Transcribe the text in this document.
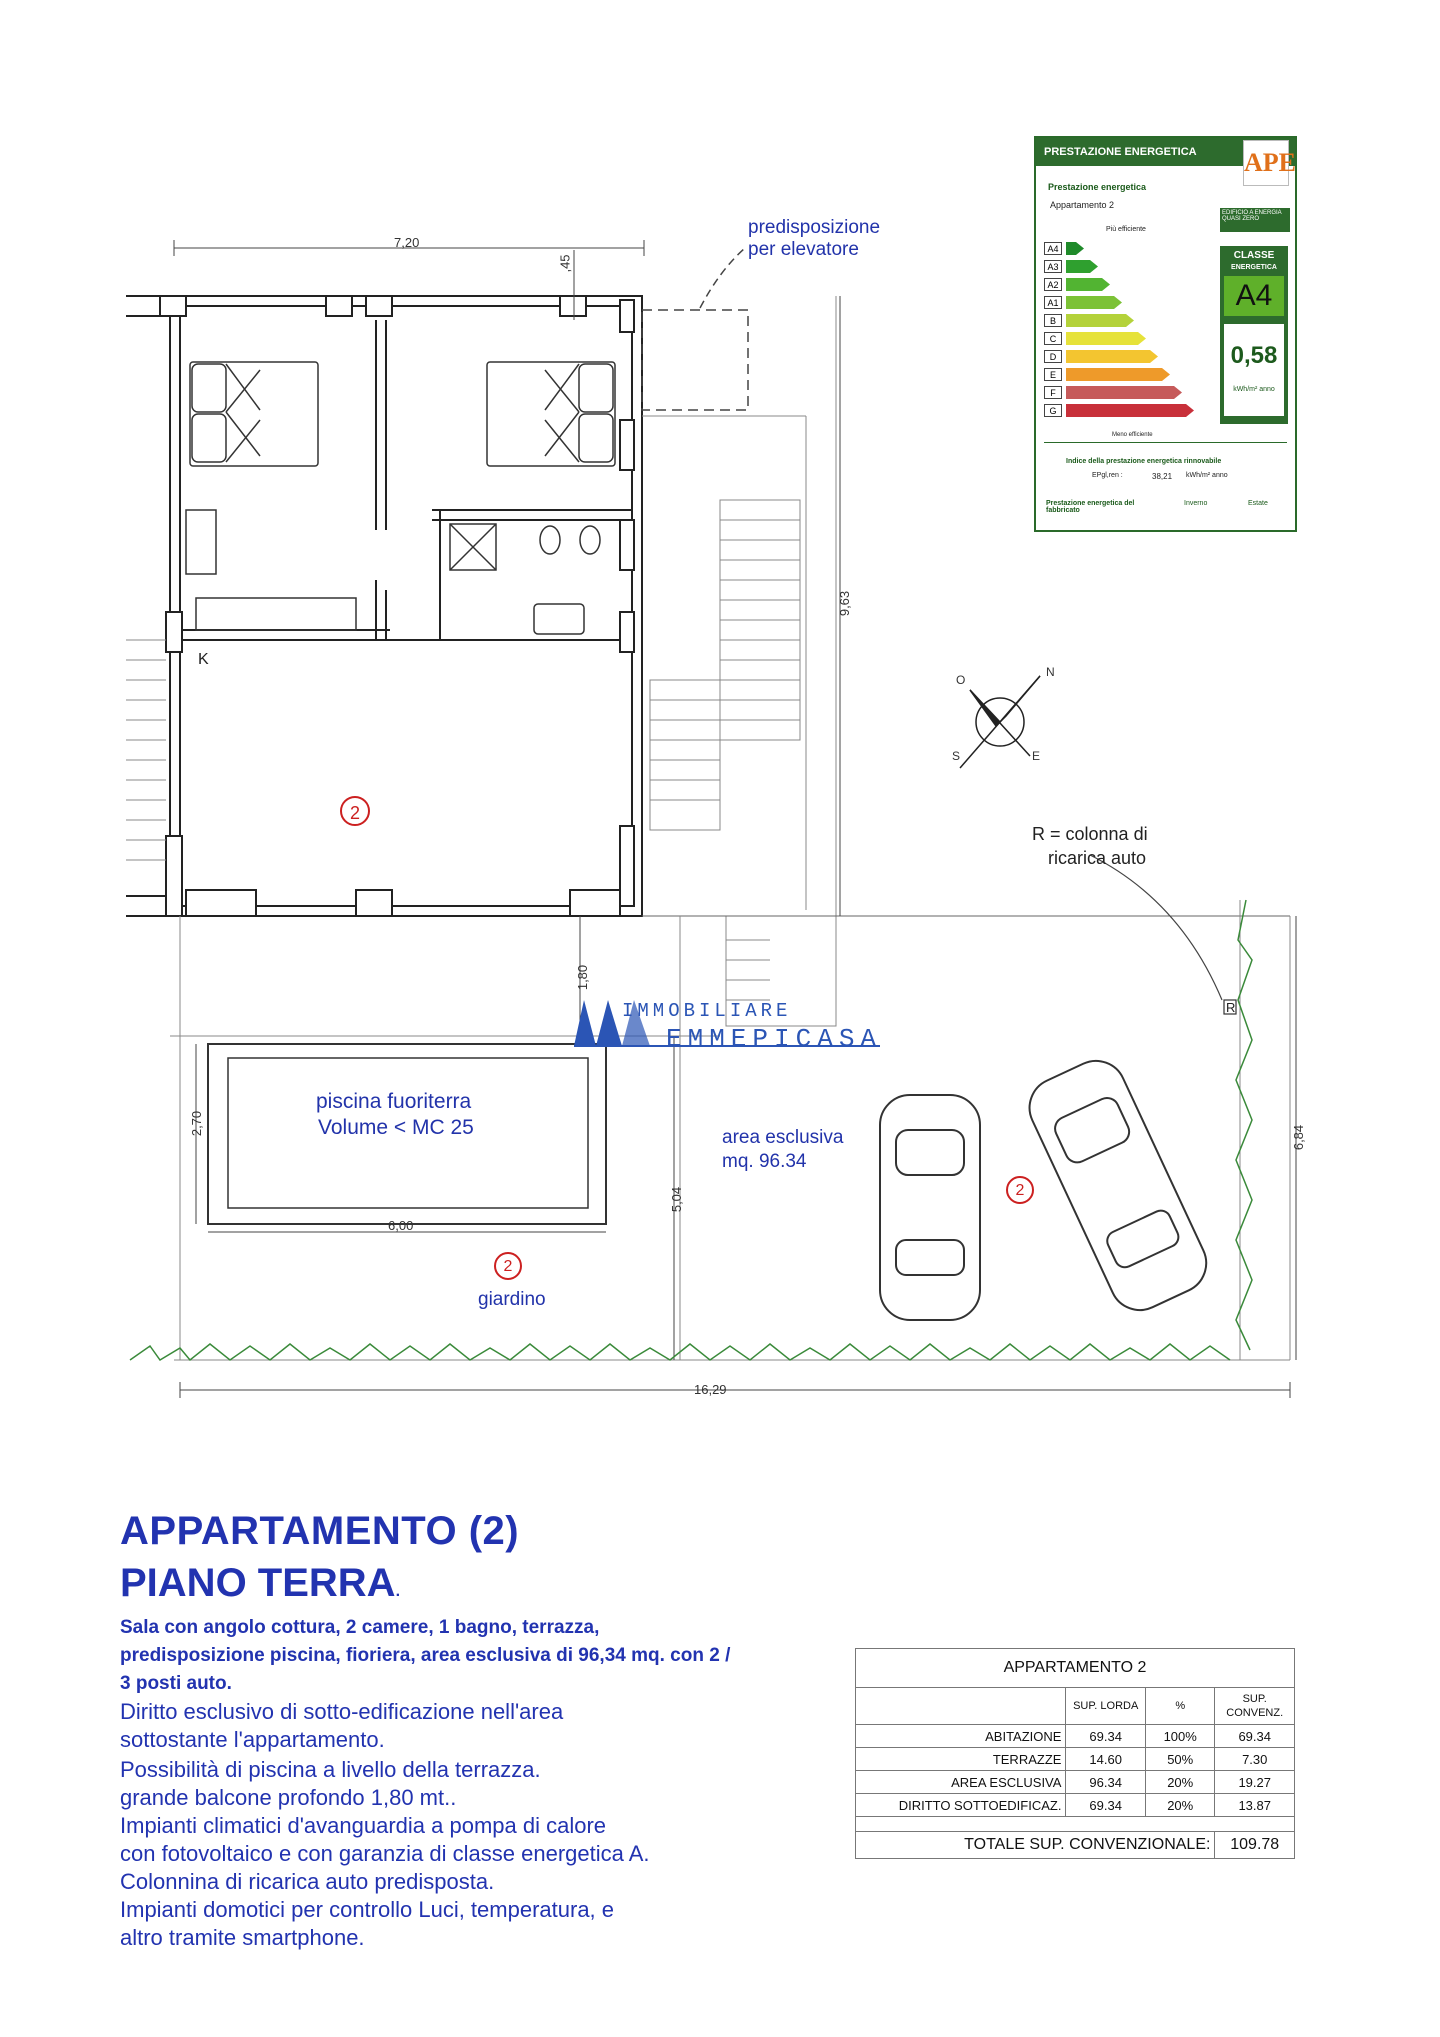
N
O
E
S
predisposizione
per elevatore
7,20
,45
9,63
1,80
2,70
6,00
5,04
6,84
16,29
K
2
2
2
piscina fuoriterra
Volume < MC 25	area esclusiva
mq. 96.34
giardino
R = colonna di
ricarica auto
R
IMMOBILIARE
EMMEPICASA
PRESTAZIONE ENERGETICA	APE
Prestazione energetica
Appartamento 2
EDIFICIO A ENERGIA QUASI ZERO
Più efficiente
A4
A3
A2
A1
B
C
D
E
F
G
CLASSE
ENERGETICA
A4
0,58
kWh/m² anno
Meno efficiente
Indice della prestazione energetica rinnovabile
EPgl,ren :	38,21 kWh/m² anno
Prestazione energetica del fabbricato
Inverno	Estate
APPARTAMENTO (2)
PIANO TERRA.
Sala con angolo cottura, 2 camere, 1 bagno, terrazza, predisposizione piscina, fioriera, area esclusiva di 96,34 mq. con 2 / 3 posti auto.
Diritto esclusivo di sotto-edificazione nell'area
sottostante l'appartamento.
Possibilità di piscina a livello della terrazza.
grande balcone profondo 1,80 mt..
Impianti climatici d'avanguardia a pompa di calore
con fotovoltaico e con garanzia di classe energetica A.
Colonnina di ricarica auto predisposta.
Impianti domotici per controllo Luci, temperatura, e
altro tramite smartphone.
APPARTAMENTO 2			
	SUP. LORDA	%	SUP. CONVENZ.
ABITAZIONE	69.34	100%	69.34
TERRAZZE	14.60	50%	7.30
AREA ESCLUSIVA	96.34	20%	19.27
DIRITTO SOTTOEDIFICAZ.	69.34	20%	13.87

TOTALE SUP. CONVENZIONALE:			109.78
